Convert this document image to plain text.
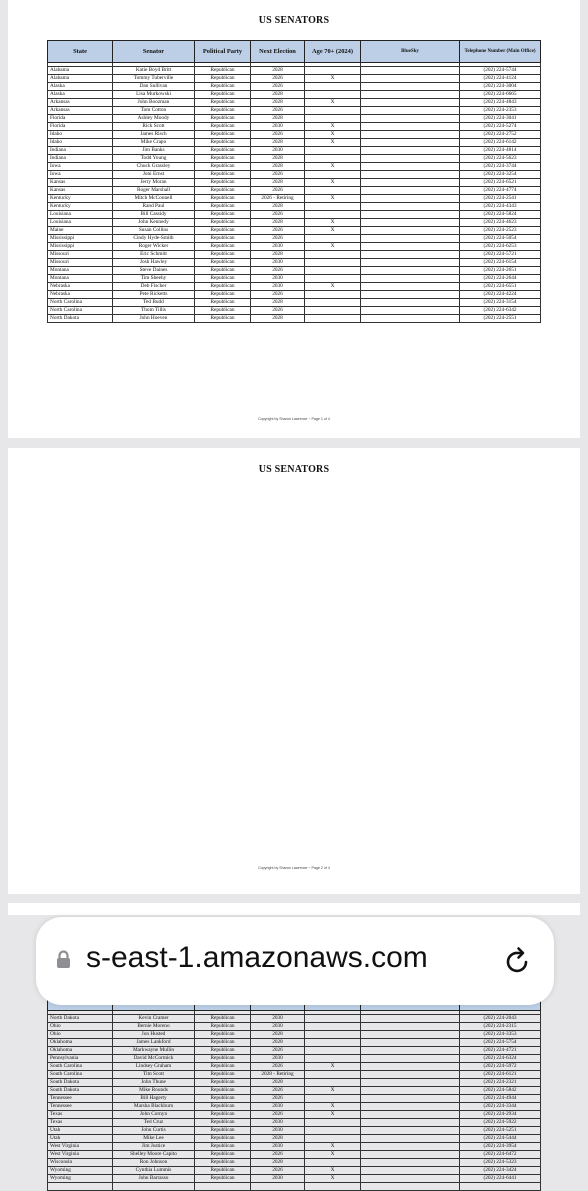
US SENATORS
State	Senator	Political Party	Next Election	Age 70+ (2024)	BlueSky	Telephone Number (Main Office)

Alabama	Katie Boyd Britt	Republican	2028			(202) 224-5744
Alabama	Tommy Tuberville	Republican	2026	X		(202) 224-4124
Alaska	Dan Sullivan	Republican	2026			(202) 224-3004
Alaska	Lisa Murkowski	Republican	2028			(202) 224-6665
Arkansas	John Boozman	Republican	2028	X		(202) 224-4843
Arkansas	Tom Cotton	Republican	2026			(202) 224-2353
Florida	Ashley Moody	Republican	2028			(202) 224-3041
Florida	Rick Scott	Republican	2030	X		(202) 224-5274
Idaho	James Risch	Republican	2026	X		(202) 224-2752
Idaho	Mike Crapo	Republican	2028	X		(202) 224-6142
Indiana	Jim Banks	Republican	2030			(202) 224-4814
Indiana	Todd Young	Republican	2028			(202) 224-5623
Iowa	Chuck Grassley	Republican	2028	X		(202) 224-3744
Iowa	Joni Ernst	Republican	2026			(202) 224-3254
Kansas	Jerry Moran	Republican	2028	X		(202) 224-6521
Kansas	Roger Marshall	Republican	2026			(202) 224-4774
Kentucky	Mitch McConnell	Republican	2026 - Retiring	X		(202) 224-2541
Kentucky	Rand Paul	Republican	2028			(202) 224-4343
Louisiana	Bill Cassidy	Republican	2026			(202) 224-5824
Louisiana	John Kennedy	Republican	2028	X		(202) 224-4623
Maine	Susan Collins	Republican	2026	X		(202) 224-2523
Mississippi	Cindy Hyde-Smith	Republican	2026			(202) 224-5054
Mississippi	Roger Wicker	Republican	2030	X		(202) 224-6253
Missouri	Eric Schmitt	Republican	2028			(202) 224-5721
Missouri	Josh Hawley	Republican	2030			(202) 224-6154
Montana	Steve Daines	Republican	2026			(202) 224-2651
Montana	Tim Sheehy	Republican	2030			(202) 224-2644
Nebraska	Deb Fischer	Republican	2030	X		(202) 224-6551
Nebraska	Pete Ricketts	Republican	2026			(202) 224-4224
North Carolina	Ted Budd	Republican	2028			(202) 224-3154
North Carolina	Thom Tillis	Republican	2026			(202) 224-6342
North Dakota	John Hoeven	Republican	2028			(202) 224-2551
Copyright by Sharon Lawrence ~ Page 1 of 4
US SENATORS

North Dakota	Kevin Cramer	Republican	2030			(202) 224-2043
Ohio	Bernie Moreno	Republican	2030			(202) 224-2315
Ohio	Jon Husted	Republican	2028			(202) 224-3353
Oklahoma	James Lankford	Republican	2028			(202) 224-5754
Oklahoma	Markwayne Mullin	Republican	2026			(202) 224-4721
Pennsylvania	David McCormick	Republican	2030			(202) 224-6324
South Carolina	Lindsey Graham	Republican	2026	X		(202) 224-5972
South Carolina	Tim Scott	Republican	2028 - Retiring			(202) 224-6121
South Dakota	John Thune	Republican	2028			(202) 224-2321
South Dakota	Mike Rounds	Republican	2026	X		(202) 224-5842
Tennessee	Bill Hagerty	Republican	2026			(202) 224-4944
Tennessee	Marsha Blackburn	Republican	2030	X		(202) 224-3344
Texas	John Cornyn	Republican	2026	X		(202) 224-2934
Texas	Ted Cruz	Republican	2030			(202) 224-5922
Utah	John Curtis	Republican	2030			(202) 224-5251
Utah	Mike Lee	Republican	2028			(202) 224-5444
West Virginia	Jim Justice	Republican	2030	X		(202) 224-3954
West Virginia	Shelley Moore Capito	Republican	2026	X		(202) 224-6472
Wisconsin	Ron Johnson	Republican	2028			(202) 224-5323
Wyoming	Cynthia Lummis	Republican	2026	X		(202) 224-3424
Wyoming	John Barrasso	Republican	2030	X		(202) 224-6441

Copyright by Sharon Lawrence ~ Page 2 of 4
s-east-1.amazonaws.com
